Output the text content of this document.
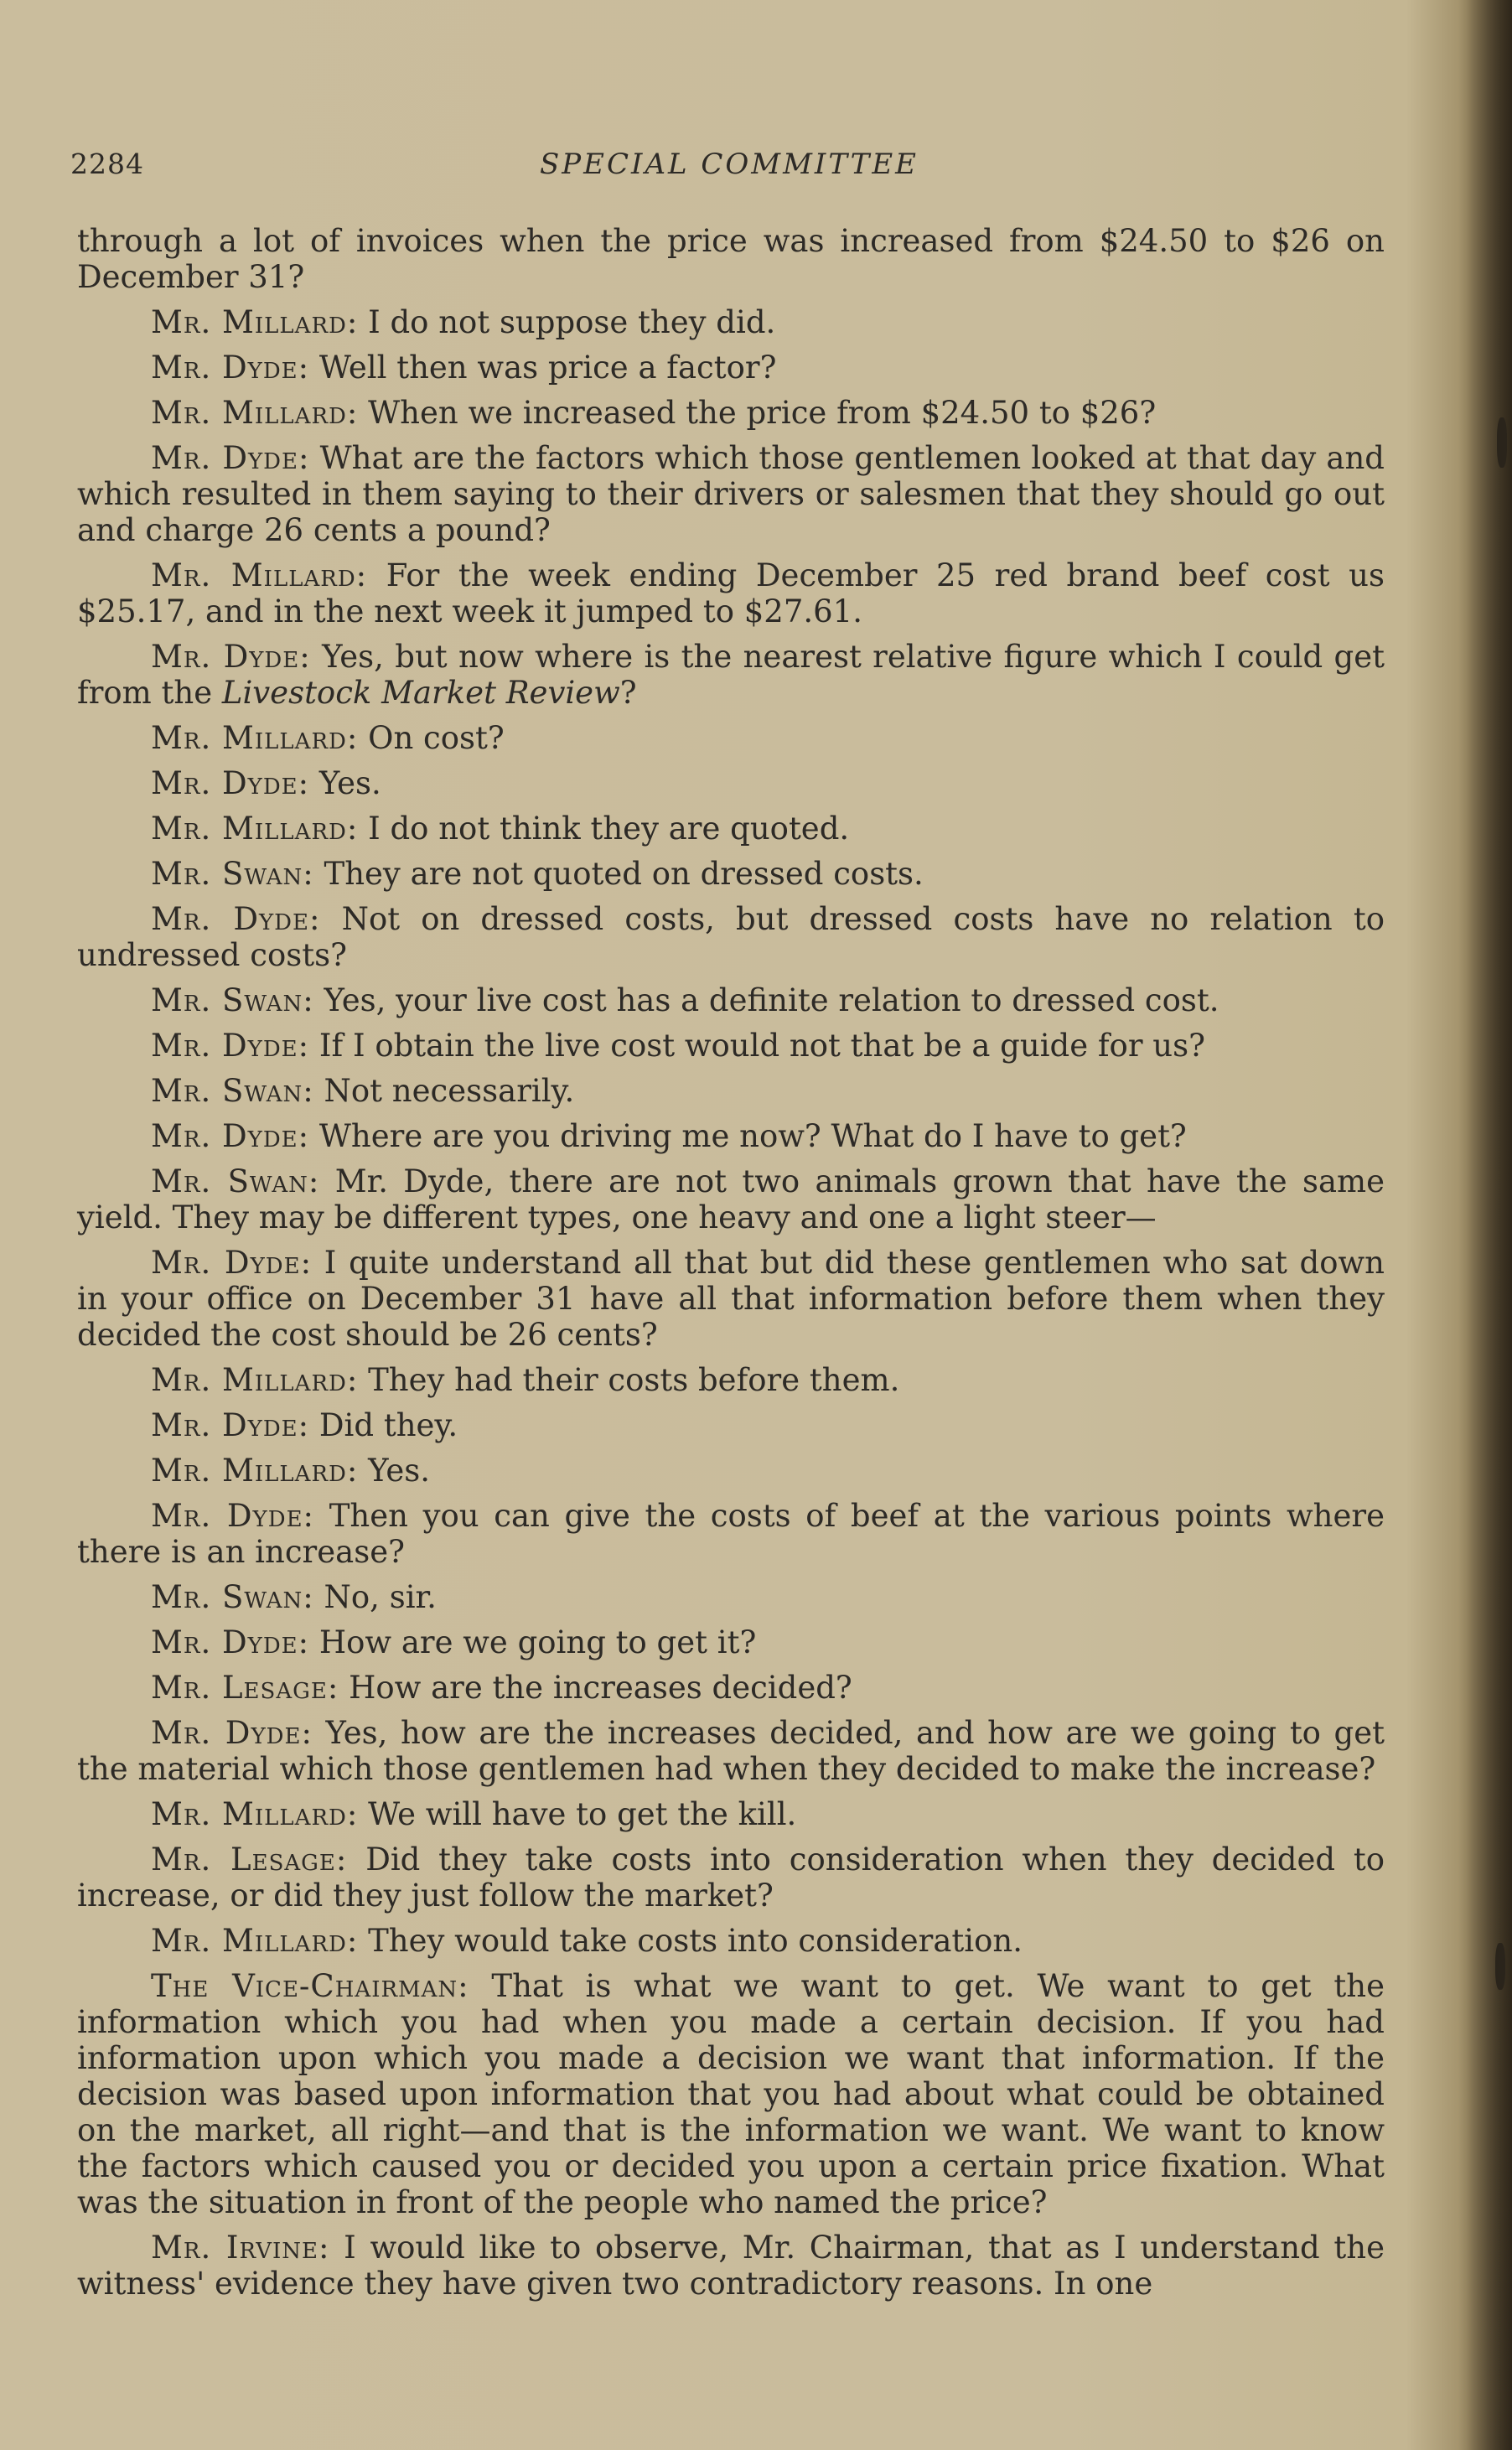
2284	SPECIAL COMMITTEE

through a lot of invoices when the price was increased from $24.50 to $26 on December 31?

Mr. Millard: I do not suppose they did.

Mr. Dyde: Well then was price a factor?

Mr. Millard: When we increased the price from $24.50 to $26?

Mr. Dyde: What are the factors which those gentlemen looked at that day and which resulted in them saying to their drivers or salesmen that they should go out and charge 26 cents a pound?

Mr. Millard: For the week ending December 25 red brand beef cost us $25.17, and in the next week it jumped to $27.61.

Mr. Dyde: Yes, but now where is the nearest relative figure which I could get from the Livestock Market Review?

Mr. Millard: On cost?

Mr. Dyde: Yes.

Mr. Millard: I do not think they are quoted.

Mr. Swan: They are not quoted on dressed costs.

Mr. Dyde: Not on dressed costs, but dressed costs have no relation to undressed costs?

Mr. Swan: Yes, your live cost has a definite relation to dressed cost.

Mr. Dyde: If I obtain the live cost would not that be a guide for us?

Mr. Swan: Not necessarily.

Mr. Dyde: Where are you driving me now? What do I have to get?

Mr. Swan: Mr. Dyde, there are not two animals grown that have the same yield. They may be different types, one heavy and one a light steer—

Mr. Dyde: I quite understand all that but did these gentlemen who sat down in your office on December 31 have all that information before them when they decided the cost should be 26 cents?

Mr. Millard: They had their costs before them.

Mr. Dyde: Did they.

Mr. Millard: Yes.

Mr. Dyde: Then you can give the costs of beef at the various points where there is an increase?

Mr. Swan: No, sir.

Mr. Dyde: How are we going to get it?

Mr. Lesage: How are the increases decided?

Mr. Dyde: Yes, how are the increases decided, and how are we going to get the material which those gentlemen had when they decided to make the increase?

Mr. Millard: We will have to get the kill.

Mr. Lesage: Did they take costs into consideration when they decided to increase, or did they just follow the market?

Mr. Millard: They would take costs into consideration.

The Vice-Chairman: That is what we want to get. We want to get the information which you had when you made a certain decision. If you had information upon which you made a decision we want that information. If the decision was based upon information that you had about what could be obtained on the market, all right—and that is the information we want. We want to know the factors which caused you or decided you upon a certain price fixation. What was the situation in front of the people who named the price?

Mr. Irvine: I would like to observe, Mr. Chairman, that as I understand the witness' evidence they have given two contradictory reasons. In one
